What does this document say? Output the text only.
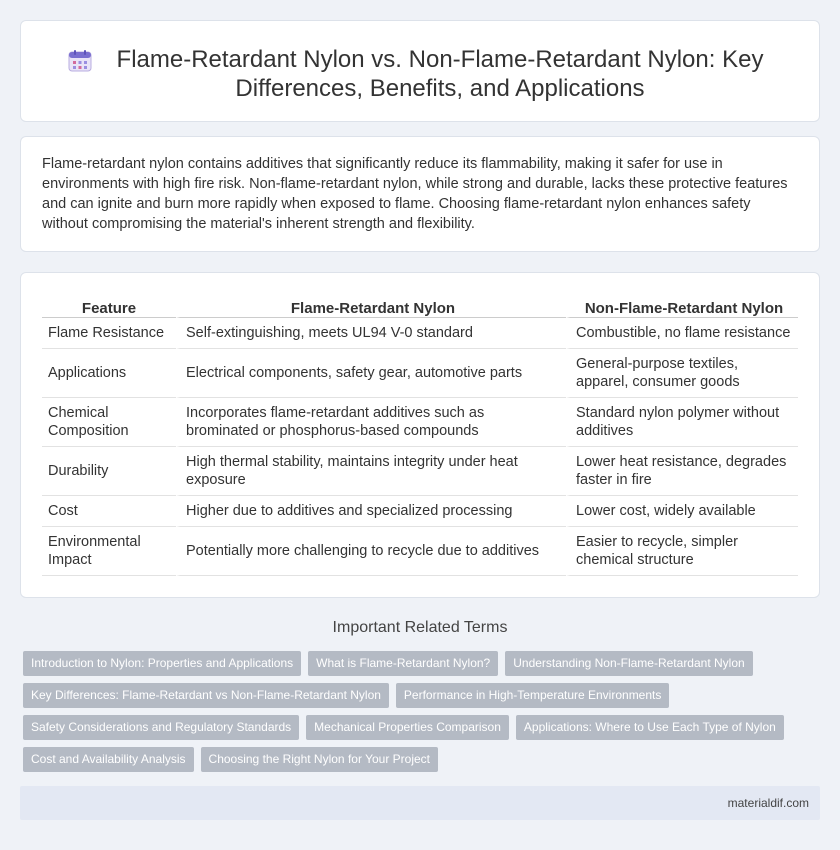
Flame-Retardant Nylon vs. Non-Flame-Retardant Nylon: Key Differences, Benefits, and Applications

Flame-retardant nylon contains additives that significantly reduce its flammability, making it safer for use in environments with high fire risk. Non-flame-retardant nylon, while strong and durable, lacks these protective features and can ignite and burn more rapidly when exposed to flame. Choosing flame-retardant nylon enhances safety without compromising the material's inherent strength and flexibility.

Feature	Flame-Retardant Nylon	Non-Flame-Retardant Nylon
Flame Resistance	Self-extinguishing, meets UL94 V-0 standard	Combustible, no flame resistance
Applications	Electrical components, safety gear, automotive parts	General-purpose textiles, apparel, consumer goods
Chemical Composition	Incorporates flame-retardant additives such as brominated or phosphorus-based compounds	Standard nylon polymer without additives
Durability	High thermal stability, maintains integrity under heat exposure	Lower heat resistance, degrades faster in fire
Cost	Higher due to additives and specialized processing	Lower cost, widely available
Environmental Impact	Potentially more challenging to recycle due to additives	Easier to recycle, simpler chemical structure
Important Related Terms
Introduction to Nylon: Properties and Applications What is Flame-Retardant Nylon? Understanding Non-Flame-Retardant Nylon
Key Differences: Flame-Retardant vs Non-Flame-Retardant Nylon Performance in High-Temperature Environments
Safety Considerations and Regulatory Standards Mechanical Properties Comparison Applications: Where to Use Each Type of Nylon
Cost and Availability Analysis Choosing the Right Nylon for Your Project
materialdif.com
